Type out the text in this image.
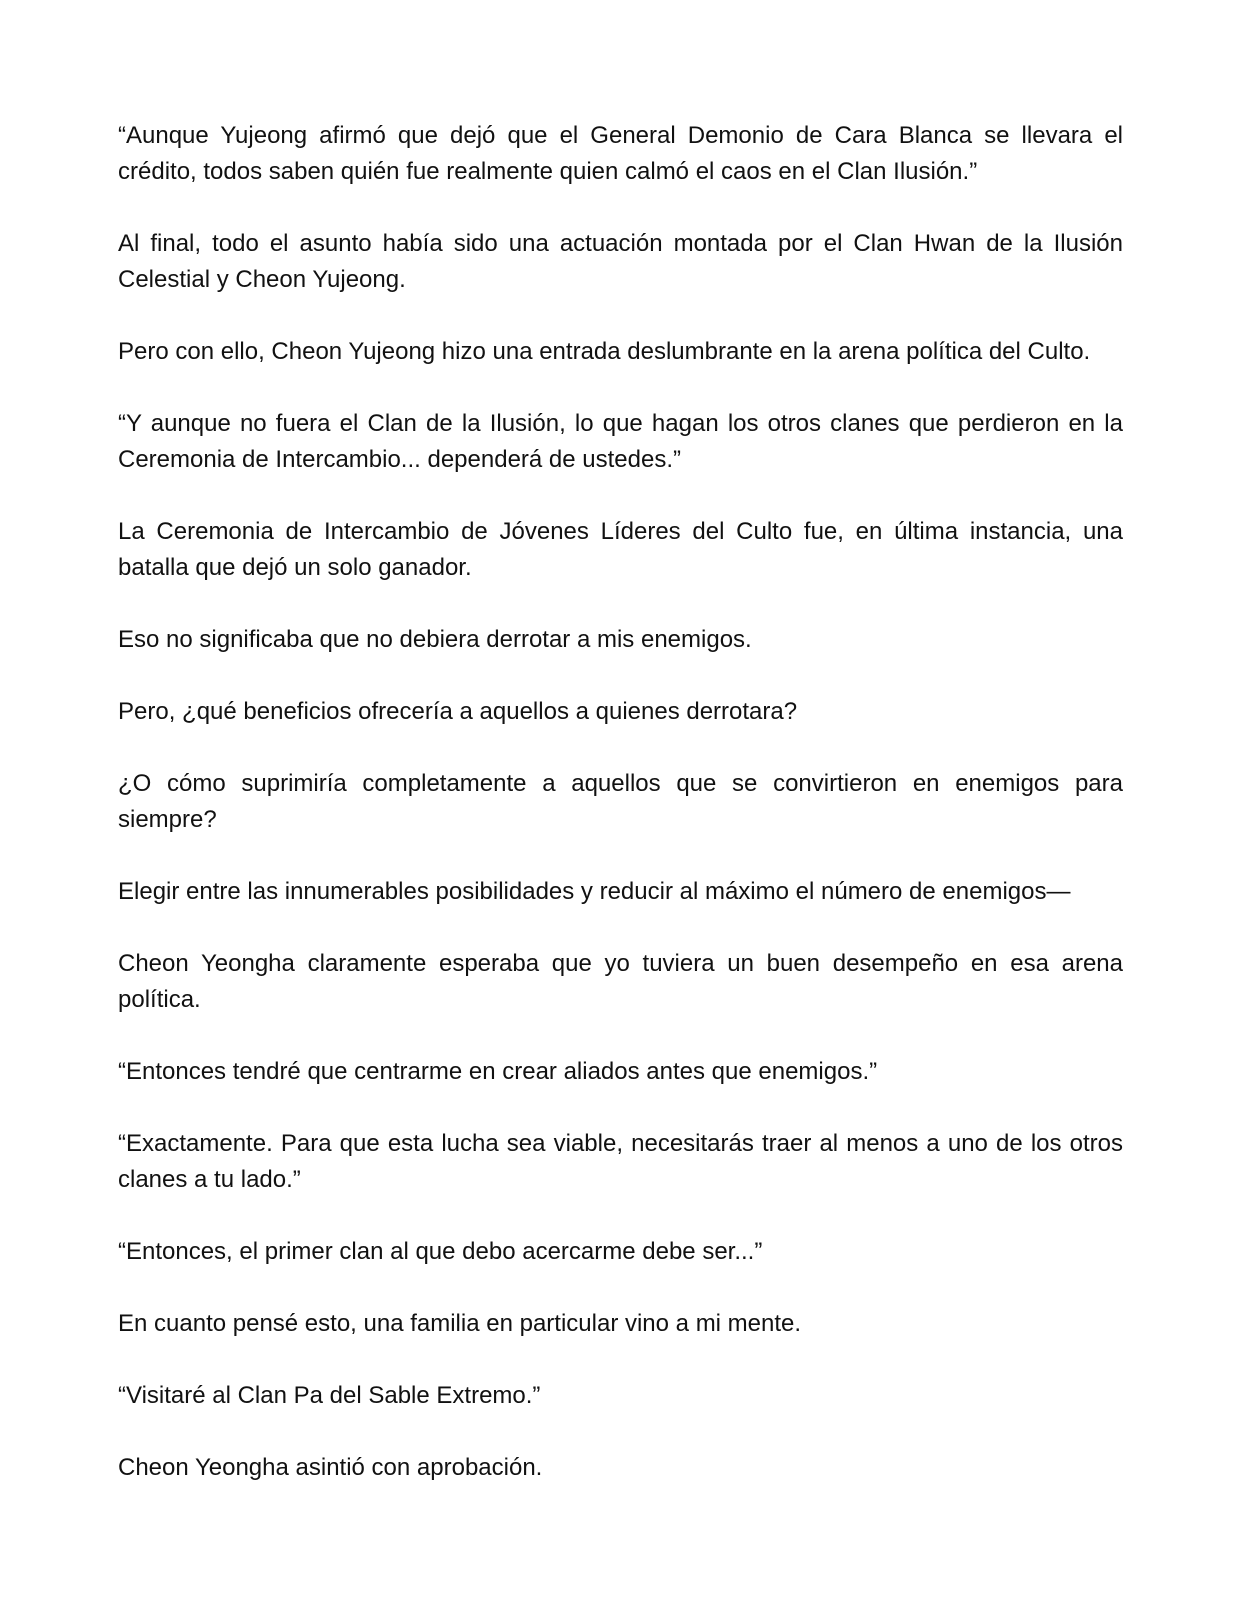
“Aunque Yujeong afirmó que dejó que el General Demonio de Cara Blanca se llevara el crédito, todos saben quién fue realmente quien calmó el caos en el Clan Ilusión.”

Al final, todo el asunto había sido una actuación montada por el Clan Hwan de la Ilusión Celestial y Cheon Yujeong.

Pero con ello, Cheon Yujeong hizo una entrada deslumbrante en la arena política del Culto.

“Y aunque no fuera el Clan de la Ilusión, lo que hagan los otros clanes que perdieron en la Ceremonia de Intercambio... dependerá de ustedes.”

La Ceremonia de Intercambio de Jóvenes Líderes del Culto fue, en última instancia, una batalla que dejó un solo ganador.

Eso no significaba que no debiera derrotar a mis enemigos.

Pero, ¿qué beneficios ofrecería a aquellos a quienes derrotara?

¿O cómo suprimiría completamente a aquellos que se convirtieron en enemigos para siempre?

Elegir entre las innumerables posibilidades y reducir al máximo el número de enemigos—

Cheon Yeongha claramente esperaba que yo tuviera un buen desempeño en esa arena política.

“Entonces tendré que centrarme en crear aliados antes que enemigos.”

“Exactamente. Para que esta lucha sea viable, necesitarás traer al menos a uno de los otros clanes a tu lado.”

“Entonces, el primer clan al que debo acercarme debe ser...”

En cuanto pensé esto, una familia en particular vino a mi mente.

“Visitaré al Clan Pa del Sable Extremo.”

Cheon Yeongha asintió con aprobación.
